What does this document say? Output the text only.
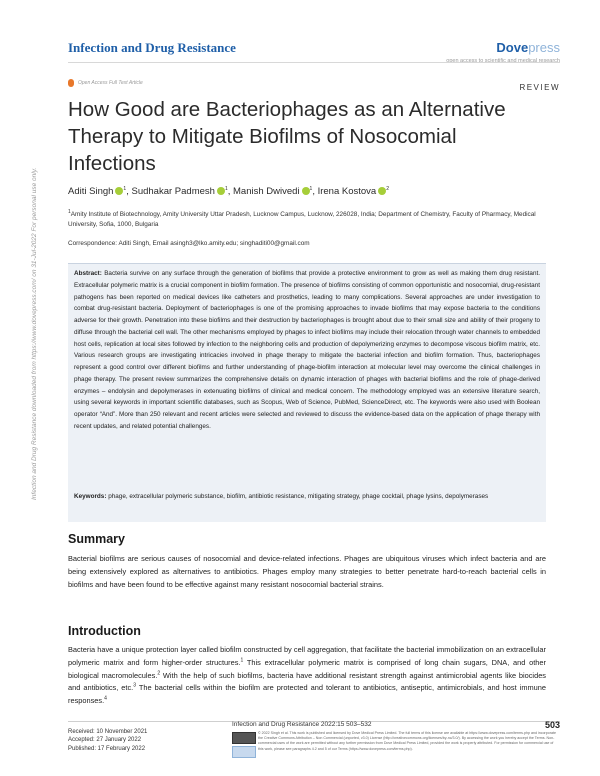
Infection and Drug Resistance	Dovepress
open access to scientific and medical research
Open Access Full Text Article	REVIEW
How Good are Bacteriophages as an Alternative Therapy to Mitigate Biofilms of Nosocomial Infections
Aditi Singh $^1$, Sudhakar Padmesh $^1$, Manish Dwivedi $^1$, Irena Kostova $^2$
$^1$Amity Institute of Biotechnology, Amity University Uttar Pradesh, Lucknow Campus, Lucknow, 226028, India; Department of Chemistry, Faculty of Pharmacy, Medical University, Sofia, 1000, Bulgaria
Correspondence: Aditi Singh, Email asingh3@lko.amity.edu; singhaditi00@gmail.com
Abstract: Bacteria survive on any surface through the generation of biofilms that provide a protective environment to grow as well as making them drug resistant. Extracellular polymeric matrix is a crucial component in biofilm formation. The presence of biofilms consisting of common opportunistic and nosocomial, drug-resistant pathogens has been reported on medical devices like catheters and prosthetics, leading to many complications. Several approaches are under investigation to combat drug-resistant bacteria. Deployment of bacteriophages is one of the promising approaches to invade biofilms that may expose bacteria to the conditions adverse for their growth. Penetration into these biofilms and their destruction by bacteriophages is brought about due to their small size and ability of their progeny to diffuse through the bacterial cell wall. The other mechanisms employed by phages to infect biofilms may include their relocation through water channels to embedded host cells, replication at local sites followed by infection to the neighboring cells and production of depolymerizing enzymes to decompose viscous biofilm matrix, etc. Various research groups are investigating intricacies involved in phage therapy to mitigate the bacterial infection and biofilm formation. Thus, bacteriophages represent a good control over different biofilms and further understanding of phage-biofilm interaction at molecular level may overcome the clinical challenges in phage therapy. The present review summarizes the comprehensive details on dynamic interaction of phages with bacterial biofilms and the role of phage-derived enzymes – endolysin and depolymerases in extenuating biofilms of clinical and medical concern. The methodology employed was an extensive literature search, using several keywords in important scientific databases, such as Scopus, Web of Science, PubMed, ScienceDirect, etc. The keywords were also used with Boolean operator “And”. More than 250 relevant and recent articles were selected and reviewed to discuss the evidence-based data on the application of phage therapy with recent updates, and related potential challenges.
Keywords: phage, extracellular polymeric substance, biofilm, antibiotic resistance, mitigating strategy, phage cocktail, phage lysins, depolymerases
Summary

Bacterial biofilms are serious causes of nosocomial and device-related infections. Phages are ubiquitous viruses which infect bacteria and are being extensively explored as alternatives to antibiotics. Phages employ many strategies to better penetrate hard-to-reach bacterial cells in biofilms and have been found to be effective against many resistant nosocomial bacterial strains.

Introduction

Bacteria have a unique protection layer called biofilm constructed by cell aggregation, that facilitate the bacterial immobilization on an extracellular polymeric matrix and form higher-order structures.$^1$ This extracellular polymeric matrix is comprised of long chain sugars, DNA, and other biological macromolecules.$^2$ With the help of such biofilms, bacteria have additional resistant strength against antimicrobial agents like biocides and antibiotics, etc.$^3$ The bacterial cells within the biofilm are protected and tolerant to antibiotics, antiseptic, antimicrobials, and host immune responses.$^4$

Received: 10 November 2021
Accepted: 27 January 2022
Published: 17 February 2022
Infection and Drug Resistance 2022:15 503–532	503
© 2022 Singh et al. This work is published and licensed by Dove Medical Press Limited. The full terms of this license are available at https://www.dovepress.com/terms.php and incorporate the Creative Commons Attribution – Non Commercial (unported, v3.0) License (http://creativecommons.org/licenses/by-nc/3.0/). By accessing the work you hereby accept the Terms. Non-commercial uses of the work are permitted without any further permission from Dove Medical Press Limited, provided the work is properly attributed. For permission for commercial use of this work, please see paragraphs 4.2 and 5 of our Terms (https://www.dovepress.com/terms.php).
Infection and Drug Resistance downloaded from https://www.dovepress.com/ on 31-Jul-2022 For personal use only.
